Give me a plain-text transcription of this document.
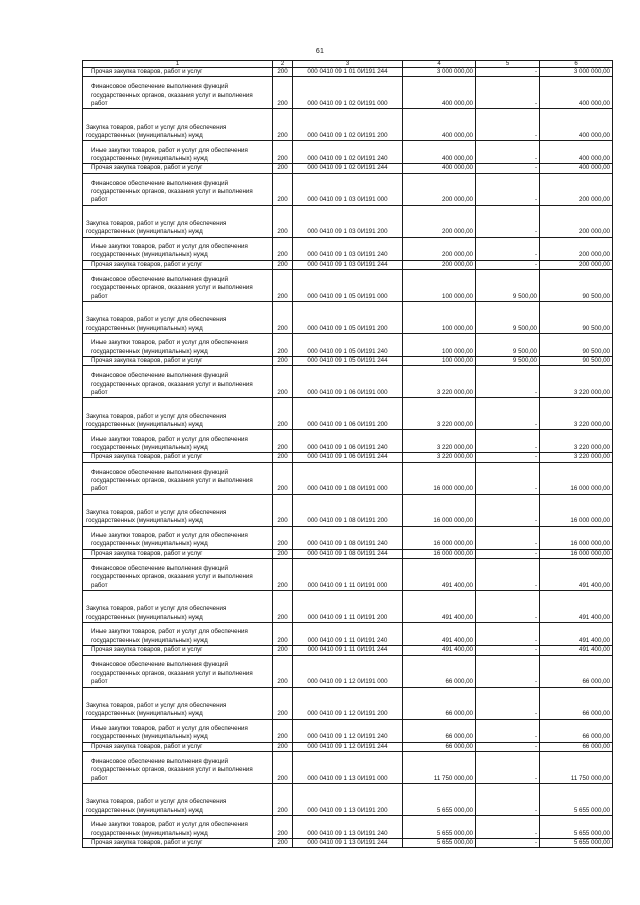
61
1	2	3	4	5	6
Прочая закупка товаров, работ и услуг	200	000 0410 09 1 01 0И191 244	3 000 000,00	-	3 000 000,00
Финансовое обеспечение выполнения функций государственных органов, оказания услуг и выполнения работ	200	000 0410 09 1 02 0И191 000	400 000,00	-	400 000,00
Закупка товаров, работ и услуг для обеспечения государственных (муниципальных) нужд	200	000 0410 09 1 02 0И191 200	400 000,00	-	400 000,00
Иные закупки товаров, работ и услуг для обеспечения государственных (муниципальных) нужд	200	000 0410 09 1 02 0И191 240	400 000,00	-	400 000,00
Прочая закупка товаров, работ и услуг	200	000 0410 09 1 02 0И191 244	400 000,00	-	400 000,00
Финансовое обеспечение выполнения функций государственных органов, оказания услуг и выполнения работ	200	000 0410 09 1 03 0И191 000	200 000,00	-	200 000,00
Закупка товаров, работ и услуг для обеспечения государственных (муниципальных) нужд	200	000 0410 09 1 03 0И191 200	200 000,00	-	200 000,00
Иные закупки товаров, работ и услуг для обеспечения государственных (муниципальных) нужд	200	000 0410 09 1 03 0И191 240	200 000,00	-	200 000,00
Прочая закупка товаров, работ и услуг	200	000 0410 09 1 03 0И191 244	200 000,00	-	200 000,00
Финансовое обеспечение выполнения функций государственных органов, оказания услуг и выполнения работ	200	000 0410 09 1 05 0И191 000	100 000,00	9 500,00	90 500,00
Закупка товаров, работ и услуг для обеспечения государственных (муниципальных) нужд	200	000 0410 09 1 05 0И191 200	100 000,00	9 500,00	90 500,00
Иные закупки товаров, работ и услуг для обеспечения государственных (муниципальных) нужд	200	000 0410 09 1 05 0И191 240	100 000,00	9 500,00	90 500,00
Прочая закупка товаров, работ и услуг	200	000 0410 09 1 05 0И191 244	100 000,00	9 500,00	90 500,00
Финансовое обеспечение выполнения функций государственных органов, оказания услуг и выполнения работ	200	000 0410 09 1 06 0И191 000	3 220 000,00	-	3 220 000,00
Закупка товаров, работ и услуг для обеспечения государственных (муниципальных) нужд	200	000 0410 09 1 06 0И191 200	3 220 000,00	-	3 220 000,00
Иные закупки товаров, работ и услуг для обеспечения государственных (муниципальных) нужд	200	000 0410 09 1 06 0И191 240	3 220 000,00	-	3 220 000,00
Прочая закупка товаров, работ и услуг	200	000 0410 09 1 06 0И191 244	3 220 000,00	-	3 220 000,00
Финансовое обеспечение выполнения функций государственных органов, оказания услуг и выполнения работ	200	000 0410 09 1 08 0И191 000	16 000 000,00	-	16 000 000,00
Закупка товаров, работ и услуг для обеспечения государственных (муниципальных) нужд	200	000 0410 09 1 08 0И191 200	16 000 000,00	-	16 000 000,00
Иные закупки товаров, работ и услуг для обеспечения государственных (муниципальных) нужд	200	000 0410 09 1 08 0И191 240	16 000 000,00	-	16 000 000,00
Прочая закупка товаров, работ и услуг	200	000 0410 09 1 08 0И191 244	16 000 000,00	-	16 000 000,00
Финансовое обеспечение выполнения функций государственных органов, оказания услуг и выполнения работ	200	000 0410 09 1 11 0И191 000	491 400,00	-	491 400,00
Закупка товаров, работ и услуг для обеспечения государственных (муниципальных) нужд	200	000 0410 09 1 11 0И191 200	491 400,00	-	491 400,00
Иные закупки товаров, работ и услуг для обеспечения государственных (муниципальных) нужд	200	000 0410 09 1 11 0И191 240	491 400,00	-	491 400,00
Прочая закупка товаров, работ и услуг	200	000 0410 09 1 11 0И191 244	491 400,00	-	491 400,00
Финансовое обеспечение выполнения функций государственных органов, оказания услуг и выполнения работ	200	000 0410 09 1 12 0И191 000	66 000,00	-	66 000,00
Закупка товаров, работ и услуг для обеспечения государственных (муниципальных) нужд	200	000 0410 09 1 12 0И191 200	66 000,00	-	66 000,00
Иные закупки товаров, работ и услуг для обеспечения государственных (муниципальных) нужд	200	000 0410 09 1 12 0И191 240	66 000,00	-	66 000,00
Прочая закупка товаров, работ и услуг	200	000 0410 09 1 12 0И191 244	66 000,00	-	66 000,00
Финансовое обеспечение выполнения функций государственных органов, оказания услуг и выполнения работ	200	000 0410 09 1 13 0И191 000	11 750 000,00	-	11 750 000,00
Закупка товаров, работ и услуг для обеспечения государственных (муниципальных) нужд	200	000 0410 09 1 13 0И191 200	5 655 000,00	-	5 655 000,00
Иные закупки товаров, работ и услуг для обеспечения государственных (муниципальных) нужд	200	000 0410 09 1 13 0И191 240	5 655 000,00	-	5 655 000,00
Прочая закупка товаров, работ и услуг	200	000 0410 09 1 13 0И191 244	5 655 000,00	-	5 655 000,00
